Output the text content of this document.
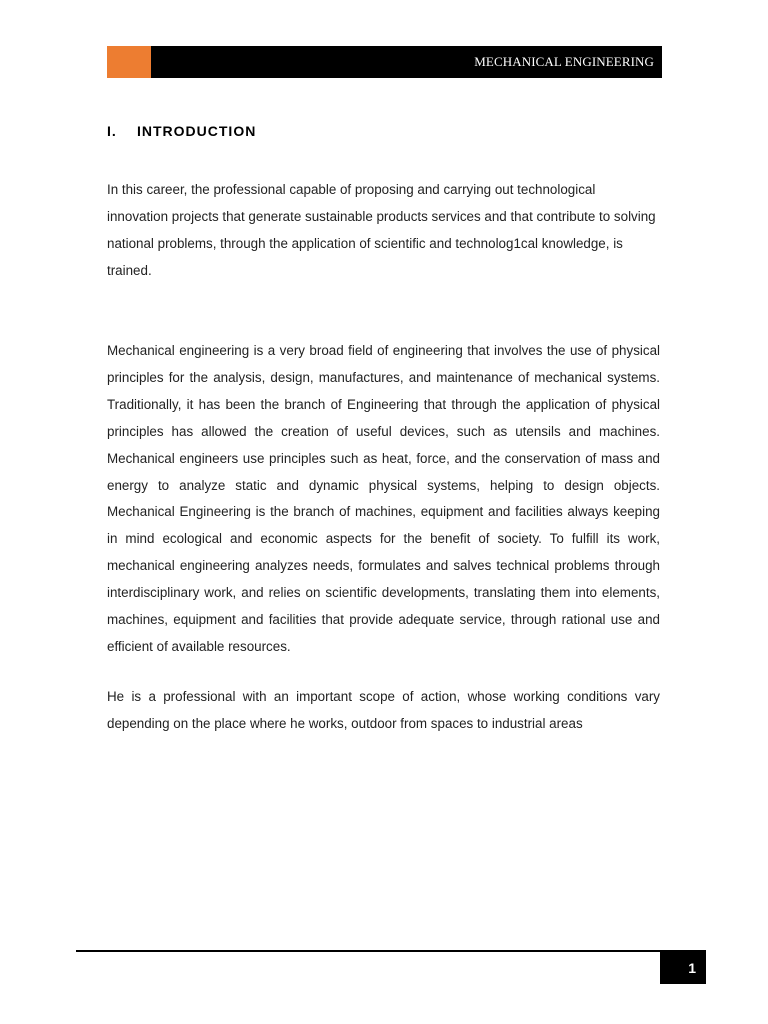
MECHANICAL ENGINEERING
I.	INTRODUCTION

In this career, the professional capable of proposing and carrying out technological innovation projects that generate sustainable products services and that contribute to solving national problems, through the application of scientific and technolog1cal knowledge, is trained.

Mechanical engineering is a very broad field of engineering that involves the use of physical principles for the analysis, design, manufactures, and maintenance of mechanical systems. Traditionally, it has been the branch of Engineering that through the application of physical principles has allowed the creation of useful devices, such as utensils and machines. Mechanical engineers use principles such as heat, force, and the conservation of mass and energy to analyze static and dynamic physical systems, helping to design objects. Mechanical Engineering is the branch of machines, equipment and facilities always keeping in mind ecological and economic aspects for the benefit of society. To fulfill its work, mechanical engineering analyzes needs, formulates and salves technical problems through interdisciplinary work, and relies on scientific developments, translating them into elements, machines, equipment and facilities that provide adequate service, through rational use and efficient of available resources.

He is a professional with an important scope of action, whose working conditions vary depending on the place where he works, outdoor from spaces to industrial areas

1
